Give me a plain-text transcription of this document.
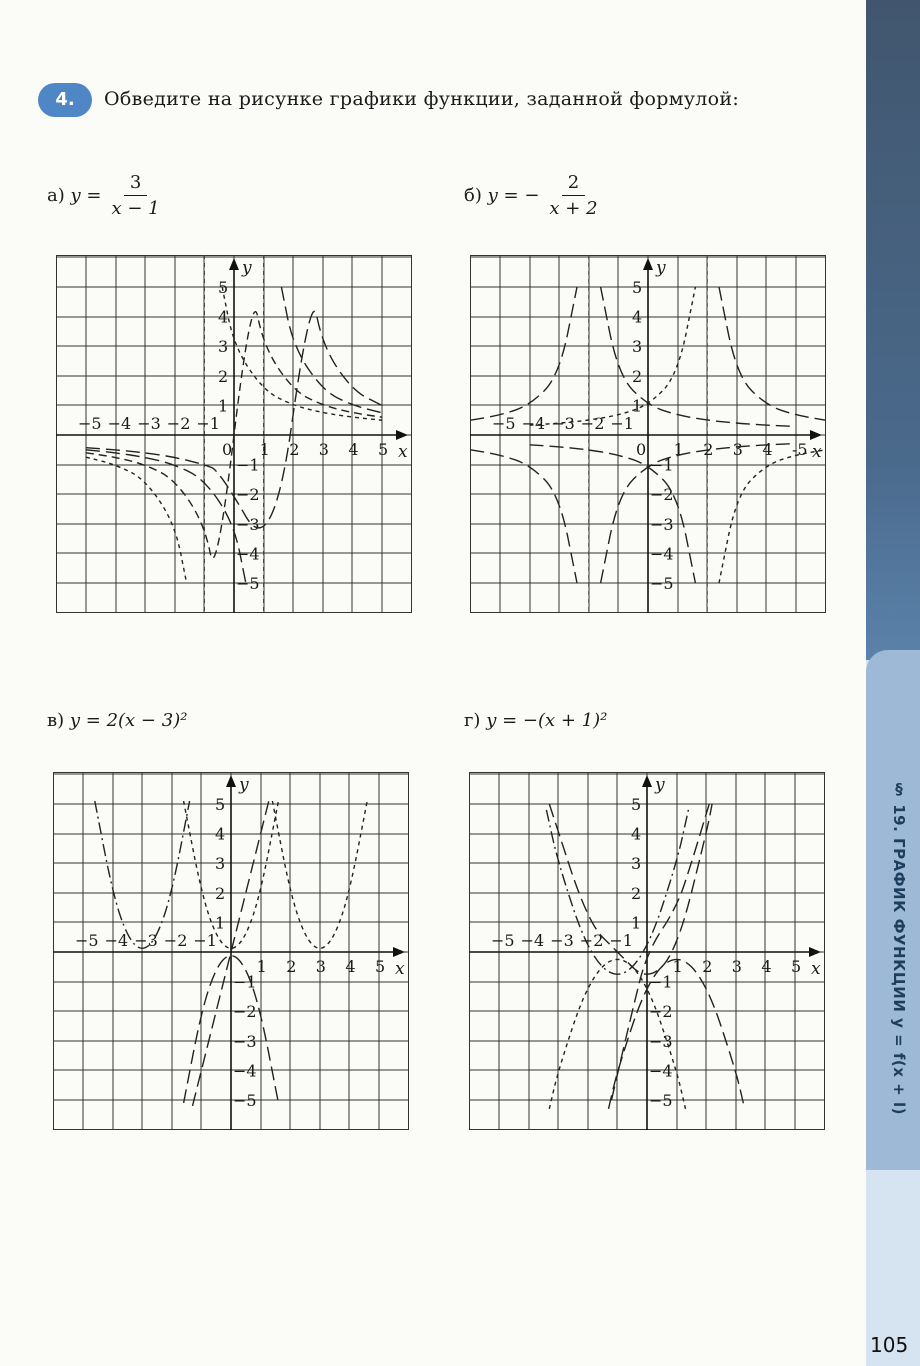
§ 19. ГРАФИК ФУНКЦИИ y = f(x + l)
4.	Обведите на рисунке графики функции, заданной формулой:
а)
$y = \frac{3}{x - 1}$	б)
y =
− $\frac{2}{x + 2}$
в)
y = 2(x − 3)²	г)
y = −(x + 1)²
x
y
−5 −4 −3 −2 −1
0 1 2 3 4 5
5
4
3
2
1
−1
−2
−3
−4
−5
x
y
−5 −4 −3 −2 −1
0 1 2 3 4 -5
5
4
3
2
1
−1
−2
−3
−4
−5
x
y
−5 −4 −3 −2 −1
1 2 3 4 5
5
4
3
2
1
−1
−2
−3
−4
−5
x
y
−5 −4 −3 −2 −1
1 2 3 4 5
5
4
3
2
1
−1
−2
−3
−4
−5
105
